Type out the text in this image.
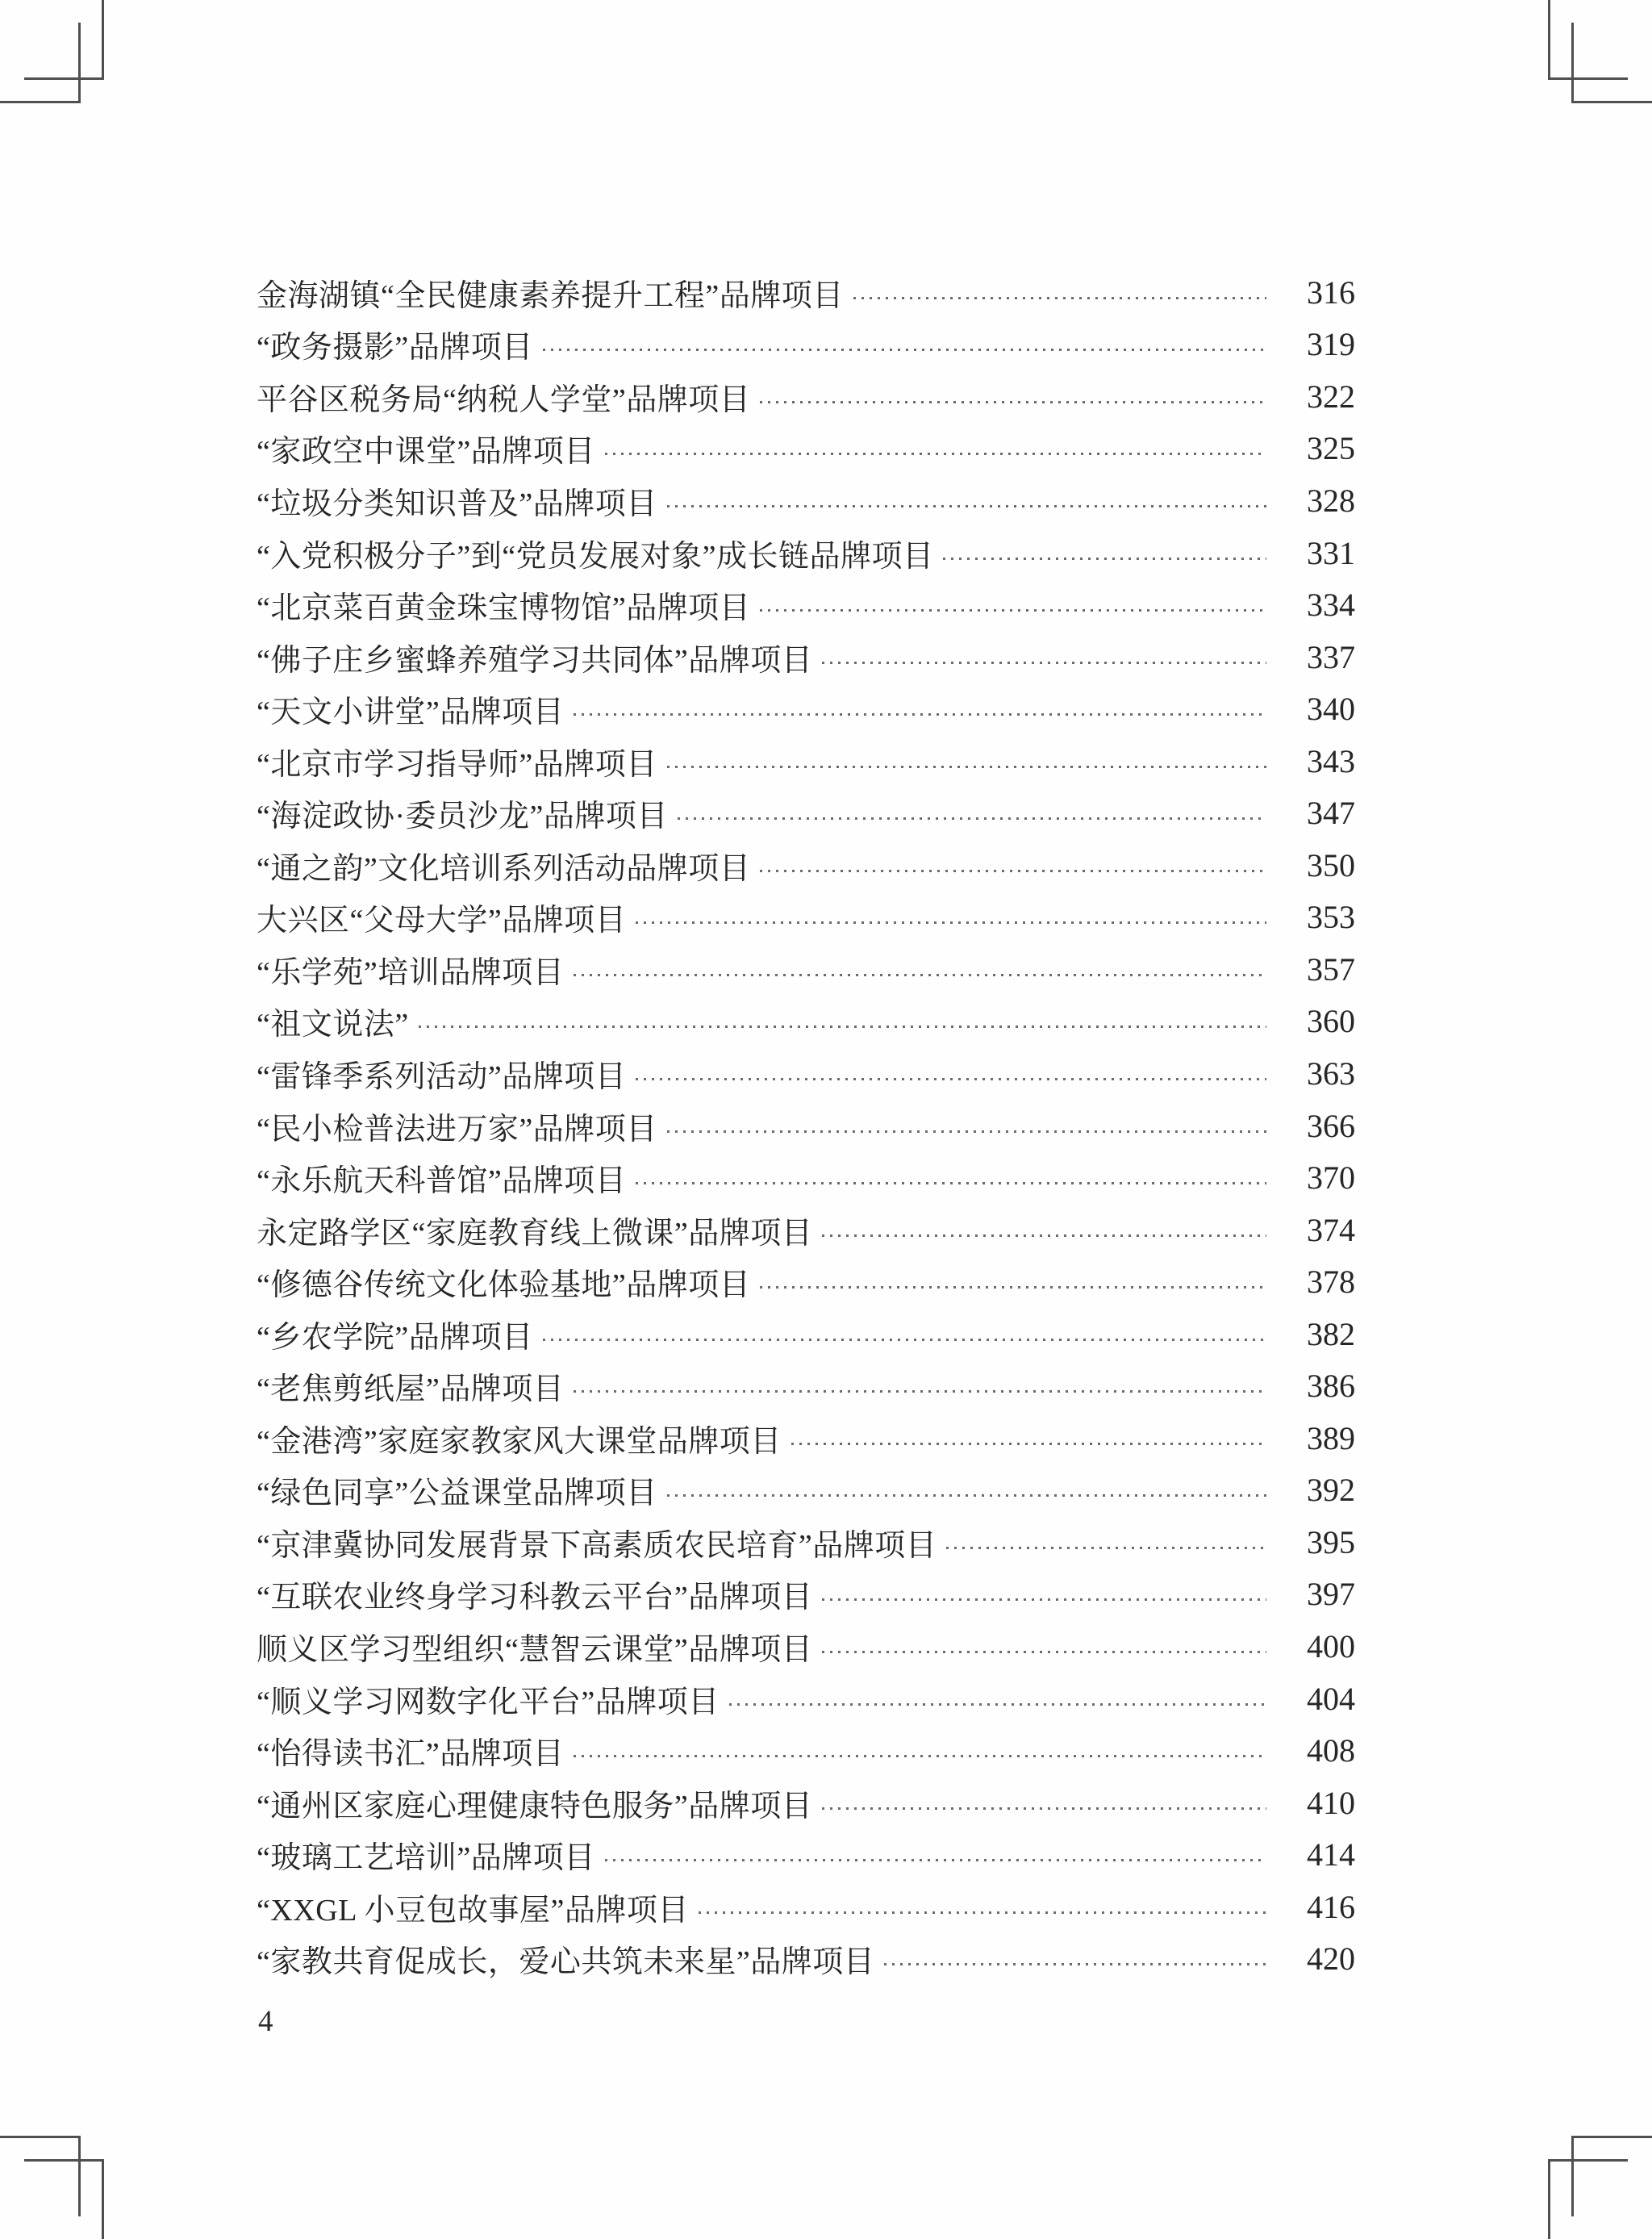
金海湖镇“全民健康素养提升工程”品牌项目	316
“政务摄影”品牌项目	319
平谷区税务局“纳税人学堂”品牌项目	322
“家政空中课堂”品牌项目	325
“垃圾分类知识普及”品牌项目	328
“入党积极分子”到“党员发展对象”成长链品牌项目	331
“北京菜百黄金珠宝博物馆”品牌项目	334
“佛子庄乡蜜蜂养殖学习共同体”品牌项目	337
“天文小讲堂”品牌项目	340
“北京市学习指导师”品牌项目	343
“海淀政协·委员沙龙”品牌项目	347
“通之韵”文化培训系列活动品牌项目	350
大兴区“父母大学”品牌项目	353
“乐学苑”培训品牌项目	357
“祖文说法”	360
“雷锋季系列活动”品牌项目	363
“民小检普法进万家”品牌项目	366
“永乐航天科普馆”品牌项目	370
永定路学区“家庭教育线上微课”品牌项目	374
“修德谷传统文化体验基地”品牌项目	378
“乡农学院”品牌项目	382
“老焦剪纸屋”品牌项目	386
“金港湾”家庭家教家风大课堂品牌项目	389
“绿色同享”公益课堂品牌项目	392
“京津冀协同发展背景下高素质农民培育”品牌项目	395
“互联农业终身学习科教云平台”品牌项目	397
顺义区学习型组织“慧智云课堂”品牌项目	400
“顺义学习网数字化平台”品牌项目	404
“怡得读书汇”品牌项目	408
“通州区家庭心理健康特色服务”品牌项目	410
“玻璃工艺培训”品牌项目	414
“XXGL 小豆包故事屋”品牌项目	416
“家教共育促成长，爱心共筑未来星”品牌项目	420
4
